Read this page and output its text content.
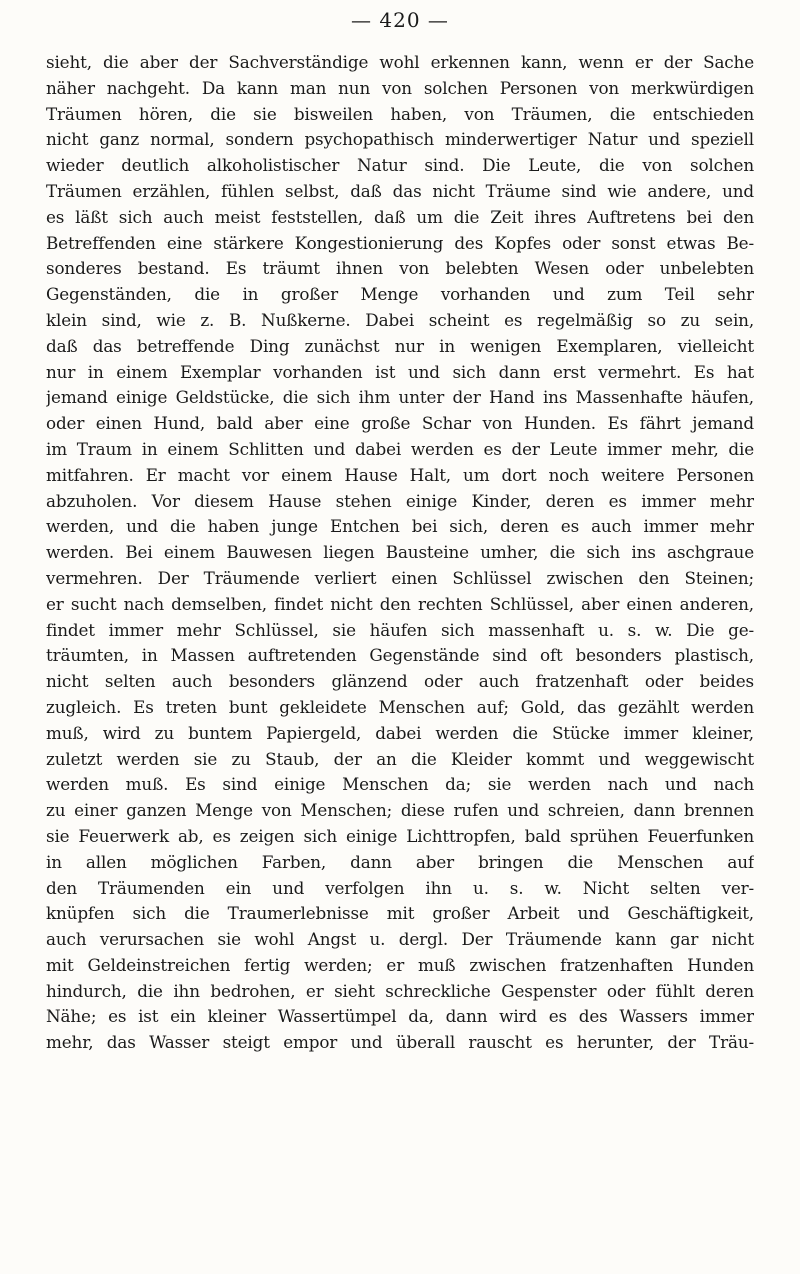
— 420 —
sieht, die aber der Sachverständige wohl erkennen kann, wenn er der Sache
näher nachgeht. Da kann man nun von solchen Personen von merkwürdigen
Träumen hören, die sie bisweilen haben, von Träumen, die entschieden
nicht ganz normal, sondern psychopathisch minderwertiger Natur und speziell
wieder deutlich alkoholistischer Natur sind. Die Leute, die von solchen
Träumen erzählen, fühlen selbst, daß das nicht Träume sind wie andere, und
es läßt sich auch meist feststellen, daß um die Zeit ihres Auftretens bei den
Betreffenden eine stärkere Kongestionierung des Kopfes oder sonst etwas Be-
sonderes bestand. Es träumt ihnen von belebten Wesen oder unbelebten
Gegenständen, die in großer Menge vorhanden und zum Teil sehr
klein sind, wie z. B. Nußkerne. Dabei scheint es regelmäßig so zu sein,
daß das betreffende Ding zunächst nur in wenigen Exemplaren, vielleicht
nur in einem Exemplar vorhanden ist und sich dann erst vermehrt. Es hat
jemand einige Geldstücke, die sich ihm unter der Hand ins Massenhafte häufen,
oder einen Hund, bald aber eine große Schar von Hunden. Es fährt jemand
im Traum in einem Schlitten und dabei werden es der Leute immer mehr, die
mitfahren. Er macht vor einem Hause Halt, um dort noch weitere Personen
abzuholen. Vor diesem Hause stehen einige Kinder, deren es immer mehr
werden, und die haben junge Entchen bei sich, deren es auch immer mehr
werden. Bei einem Bauwesen liegen Bausteine umher, die sich ins aschgraue
vermehren. Der Träumende verliert einen Schlüssel zwischen den Steinen;
er sucht nach demselben, findet nicht den rechten Schlüssel, aber einen anderen,
findet immer mehr Schlüssel, sie häufen sich massenhaft u. s. w. Die ge-
träumten, in Massen auftretenden Gegenstände sind oft besonders plastisch,
nicht selten auch besonders glänzend oder auch fratzenhaft oder beides
zugleich. Es treten bunt gekleidete Menschen auf; Gold, das gezählt werden
muß, wird zu buntem Papiergeld, dabei werden die Stücke immer kleiner,
zuletzt werden sie zu Staub, der an die Kleider kommt und weggewischt
werden muß. Es sind einige Menschen da; sie werden nach und nach
zu einer ganzen Menge von Menschen; diese rufen und schreien, dann brennen
sie Feuerwerk ab, es zeigen sich einige Lichttropfen, bald sprühen Feuerfunken
in allen möglichen Farben, dann aber bringen die Menschen auf
den Träumenden ein und verfolgen ihn u. s. w. Nicht selten ver-
knüpfen sich die Traumerlebnisse mit großer Arbeit und Geschäftigkeit,
auch verursachen sie wohl Angst u. dergl. Der Träumende kann gar nicht
mit Geldeinstreichen fertig werden; er muß zwischen fratzenhaften Hunden
hindurch, die ihn bedrohen, er sieht schreckliche Gespenster oder fühlt deren
Nähe; es ist ein kleiner Wassertümpel da, dann wird es des Wassers immer
mehr, das Wasser steigt empor und überall rauscht es herunter, der Träu-
